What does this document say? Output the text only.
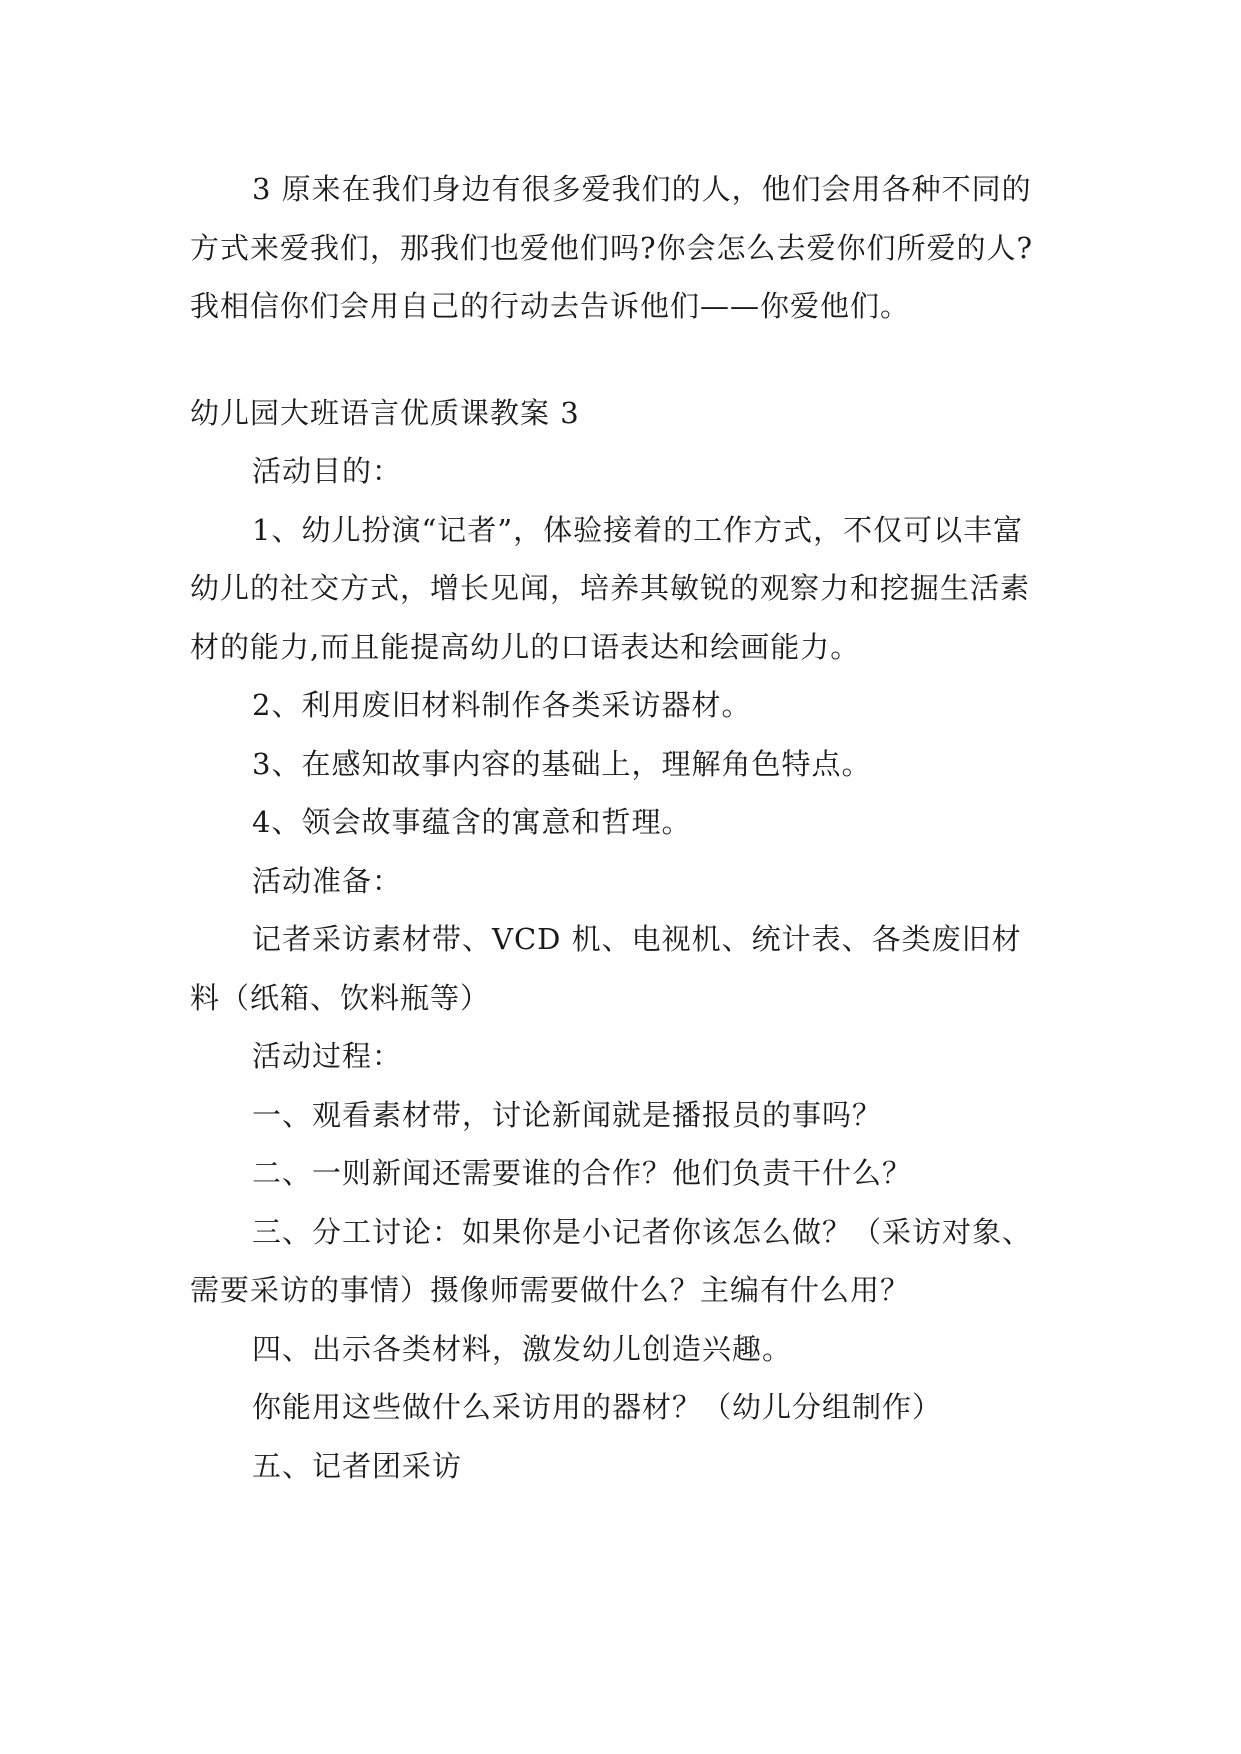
3 原来在我们身边有很多爱我们的人，他们会用各种不同的方式来爱我们，那我们也爱他们吗?你会怎么去爱你们所爱的人?我相信你们会用自己的行动去告诉他们——你爱他们。

幼儿园大班语言优质课教案 3

活动目的：

1、幼儿扮演“记者”，体验接着的工作方式，不仅可以丰富幼儿的社交方式，增长见闻，培养其敏锐的观察力和挖掘生活素材的能力,而且能提高幼儿的口语表达和绘画能力。

2、利用废旧材料制作各类采访器材。

3、在感知故事内容的基础上，理解角色特点。

4、领会故事蕴含的寓意和哲理。

活动准备：

记者采访素材带、VCD 机、电视机、统计表、各类废旧材料（纸箱、饮料瓶等）

活动过程：

一、观看素材带，讨论新闻就是播报员的事吗？

二、一则新闻还需要谁的合作？他们负责干什么？

三、分工讨论：如果你是小记者你该怎么做？（采访对象、需要采访的事情）摄像师需要做什么？主编有什么用？

四、出示各类材料，激发幼儿创造兴趣。

你能用这些做什么采访用的器材？（幼儿分组制作）

五、记者团采访
